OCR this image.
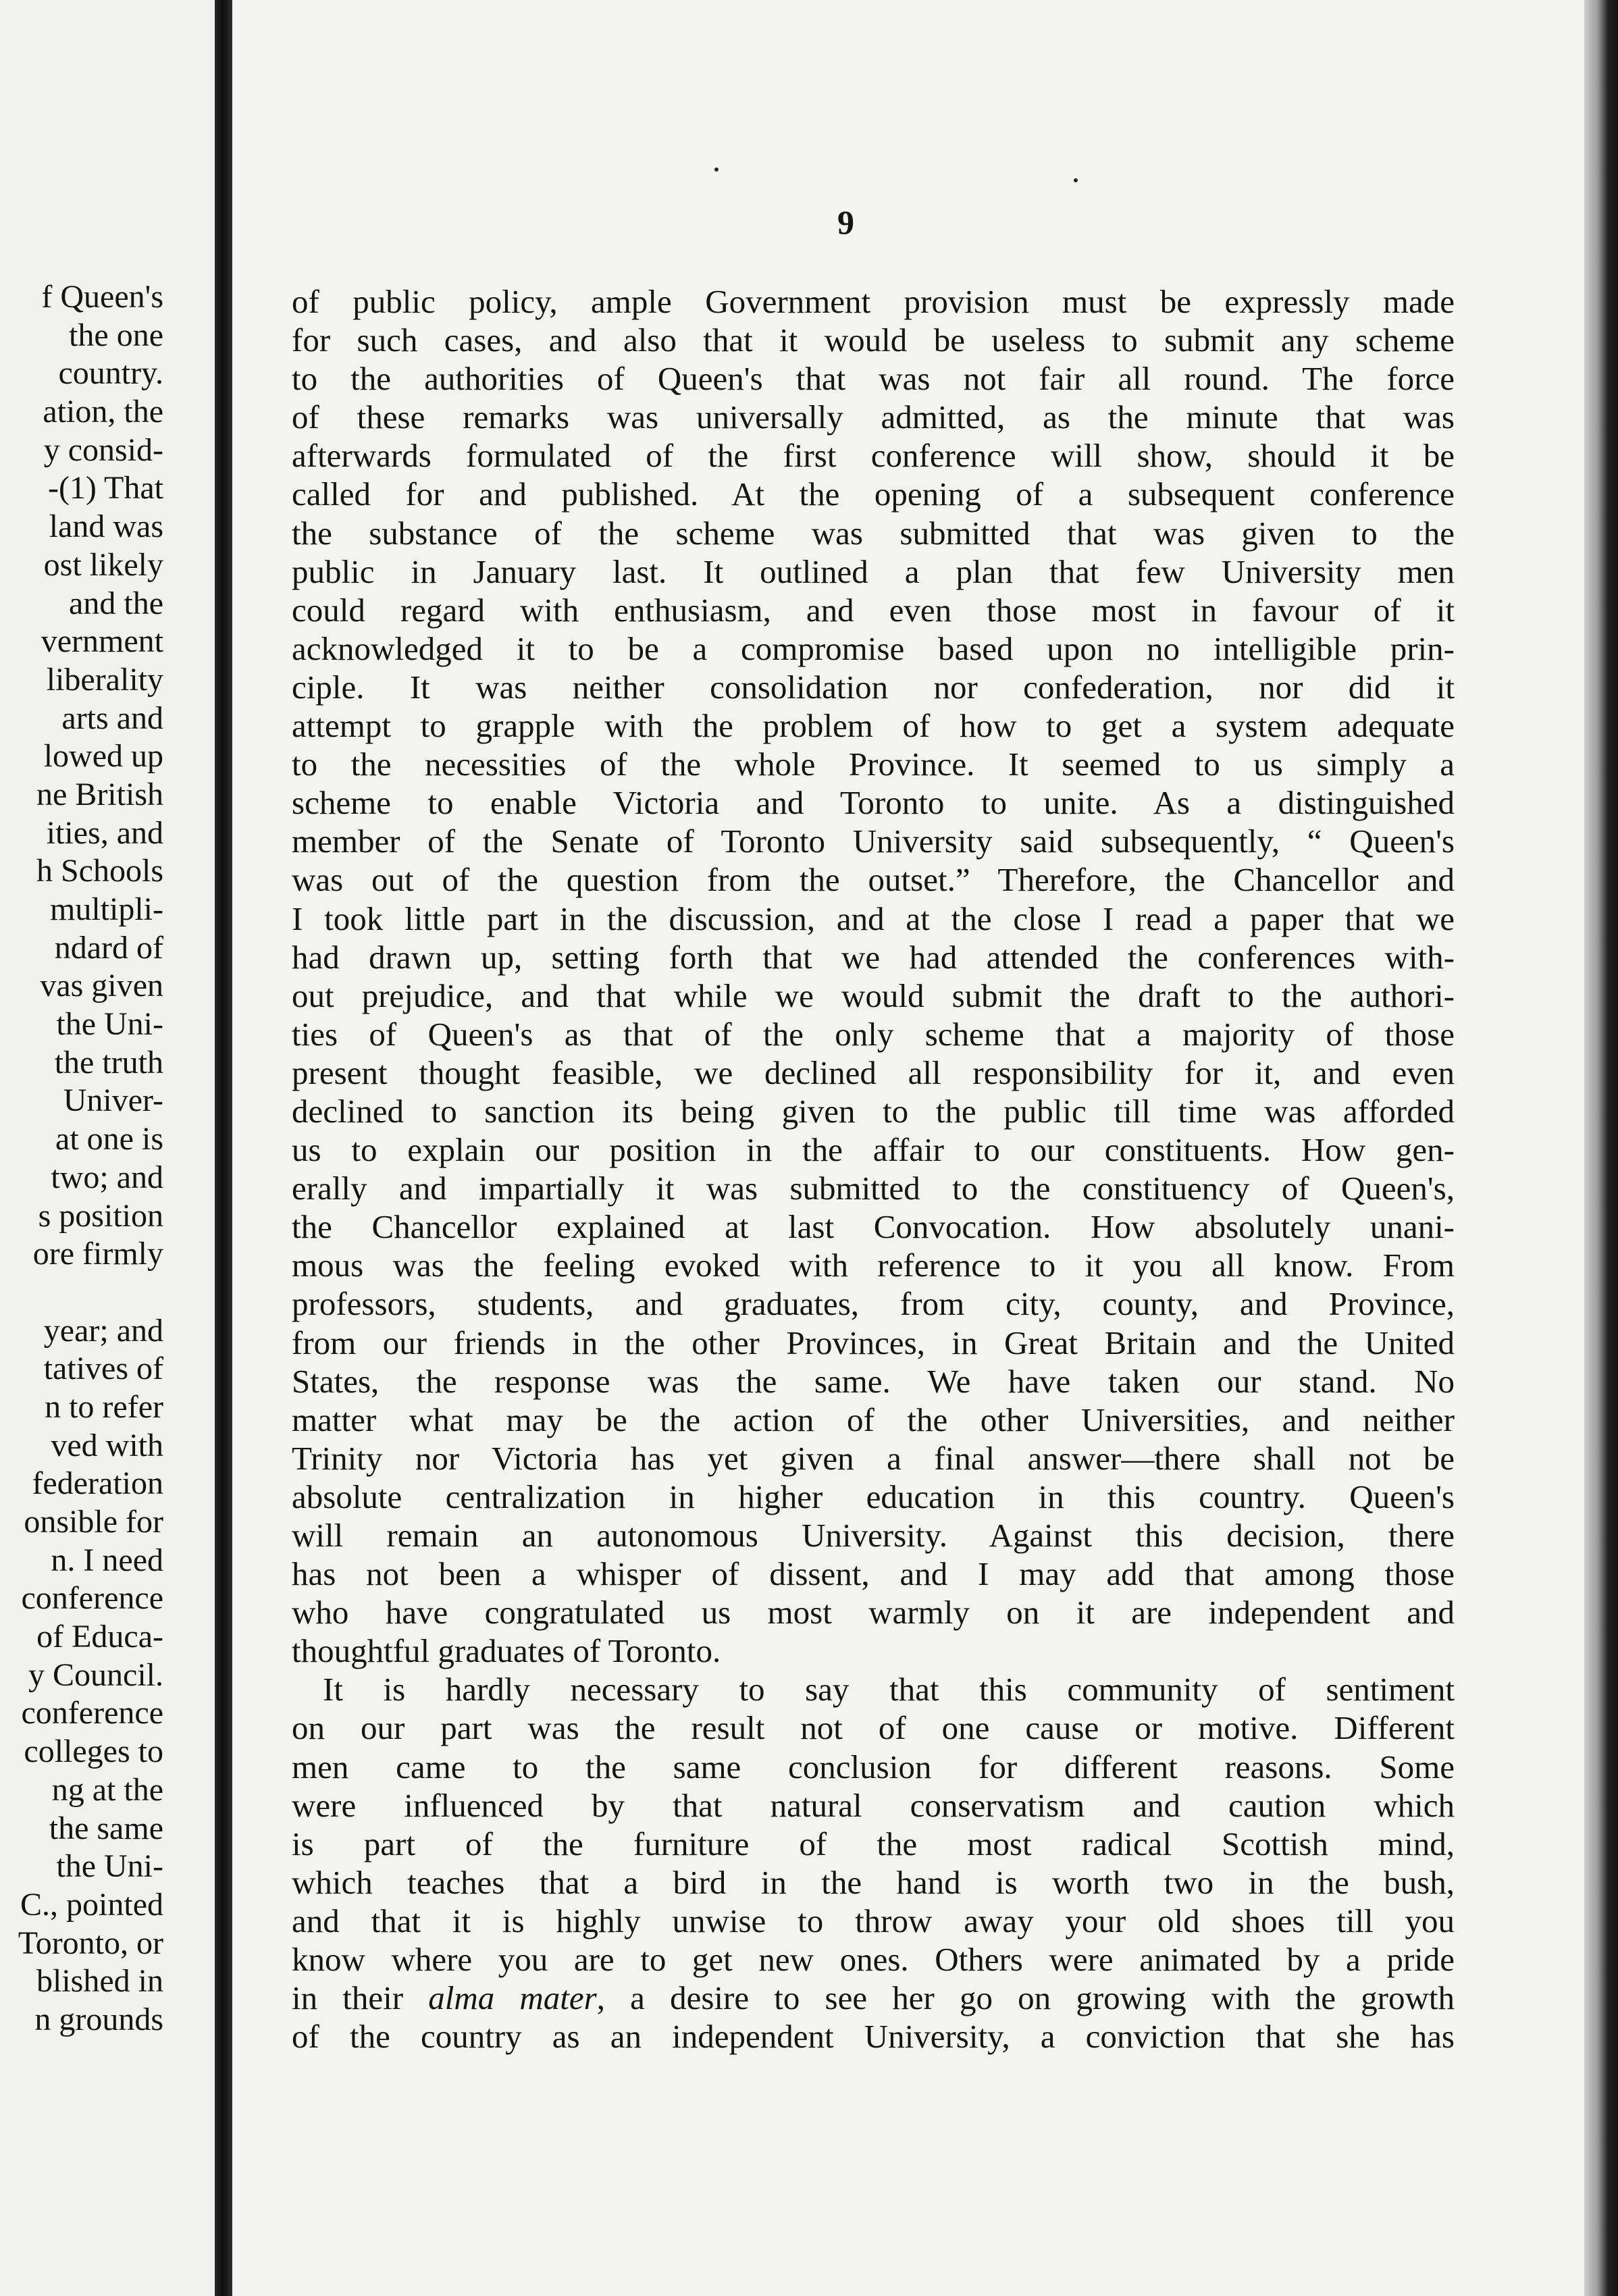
f Queen's
the one
country.
ation, the
y consid-
-(1) That
land was
ost likely
and the
vernment
liberality
arts and
lowed up
ne British
ities, and
h Schools
multipli-
ndard of
vas given
the Uni-
the truth
Univer-
at one is
two; and
s position
ore firmly
year; and
tatives of
n to refer
ved with
federation
onsible for
n. I need
conference
of Educa-
y Council.
conference
colleges to
ng at the
the same
the Uni-
C., pointed
Toronto, or
blished in
n grounds
9
of public policy, ample Government provision must be expressly made
for such cases, and also that it would be useless to submit any scheme
to the authorities of Queen's that was not fair all round. The force
of these remarks was universally admitted, as the minute that was
afterwards formulated of the first conference will show, should it be
called for and published. At the opening of a subsequent conference
the substance of the scheme was submitted that was given to the
public in January last. It outlined a plan that few University men
could regard with enthusiasm, and even those most in favour of it
acknowledged it to be a compromise based upon no intelligible prin-
ciple. It was neither consolidation nor confederation, nor did it
attempt to grapple with the problem of how to get a system adequate
to the necessities of the whole Province. It seemed to us simply a
scheme to enable Victoria and Toronto to unite. As a distinguished
member of the Senate of Toronto University said subsequently, “ Queen's
was out of the question from the outset.” Therefore, the Chancellor and
I took little part in the discussion, and at the close I read a paper that we
had drawn up, setting forth that we had attended the conferences with-
out prejudice, and that while we would submit the draft to the authori-
ties of Queen's as that of the only scheme that a majority of those
present thought feasible, we declined all responsibility for it, and even
declined to sanction its being given to the public till time was afforded
us to explain our position in the affair to our constituents. How gen-
erally and impartially it was submitted to the constituency of Queen's,
the Chancellor explained at last Convocation. How absolutely unani-
mous was the feeling evoked with reference to it you all know. From
professors, students, and graduates, from city, county, and Province,
from our friends in the other Provinces, in Great Britain and the United
States, the response was the same. We have taken our stand. No
matter what may be the action of the other Universities, and neither
Trinity nor Victoria has yet given a final answer—there shall not be
absolute centralization in higher education in this country. Queen's
will remain an autonomous University. Against this decision, there
has not been a whisper of dissent, and I may add that among those
who have congratulated us most warmly on it are independent and
thoughtful graduates of Toronto.
It is hardly necessary to say that this community of sentiment
on our part was the result not of one cause or motive. Different
men came to the same conclusion for different reasons. Some
were influenced by that natural conservatism and caution which
is part of the furniture of the most radical Scottish mind,
which teaches that a bird in the hand is worth two in the bush,
and that it is highly unwise to throw away your old shoes till you
know where you are to get new ones. Others were animated by a pride
in their alma mater, a desire to see her go on growing with the growth
of the country as an independent University, a conviction that she has
